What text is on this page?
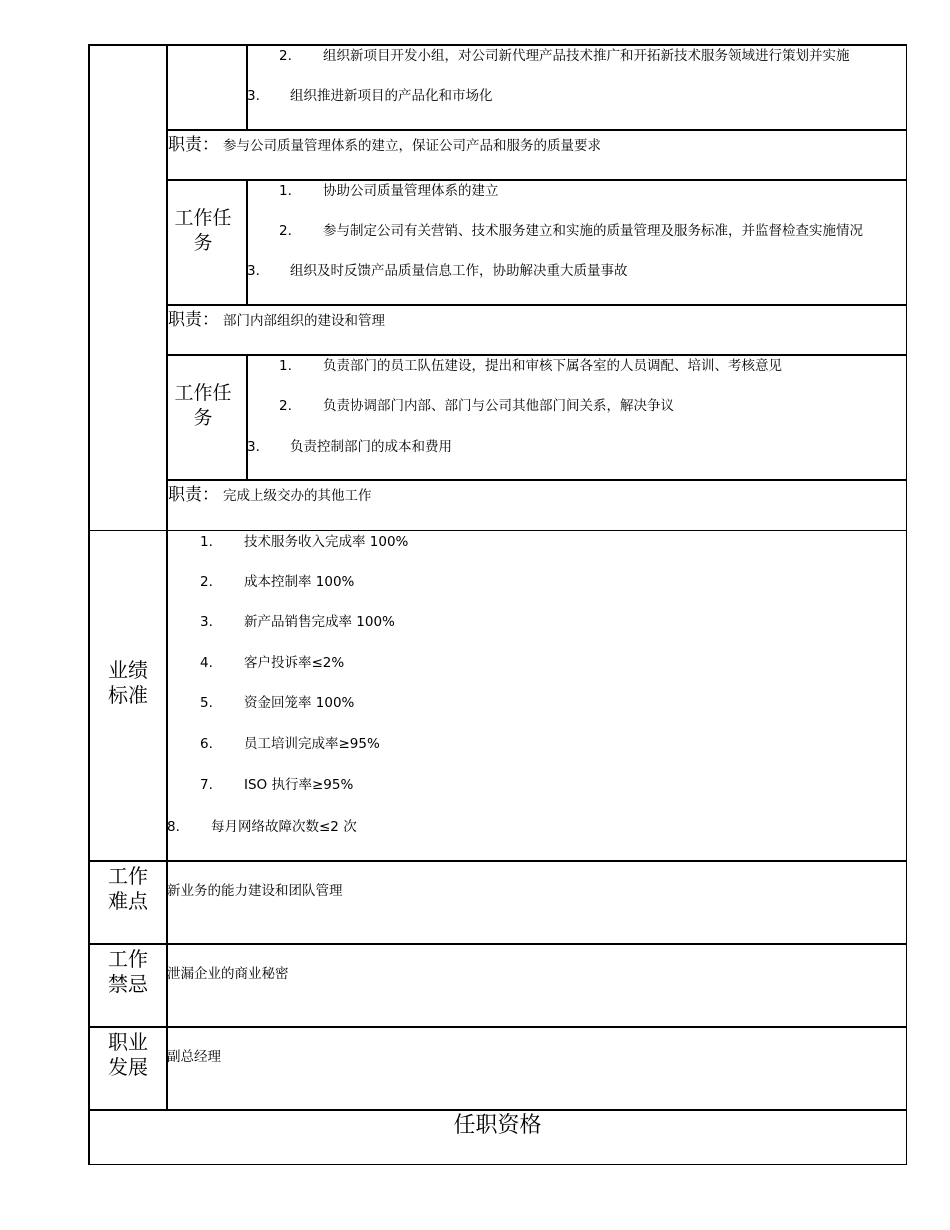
2. 组织新项目开发小组，对公司新代理产品技术推广和开拓新技术服务领域进行策划并实施
3. 组织推进新项目的产品化和市场化
职责： 参与公司质量管理体系的建立，保证公司产品和服务的质量要求
工作任务
1. 协助公司质量管理体系的建立
2. 参与制定公司有关营销、技术服务建立和实施的质量管理及服务标准，并监督检查实施情况
3. 组织及时反馈产品质量信息工作，协助解决重大质量事故
职责： 部门内部组织的建设和管理
工作任务
1. 负责部门的员工队伍建设，提出和审核下属各室的人员调配、培训、考核意见
2. 负责协调部门内部、部门与公司其他部门间关系，解决争议
3. 负责控制部门的成本和费用
职责： 完成上级交办的其他工作
业绩标准
1. 技术服务收入完成率 100%
2. 成本控制率 100%
3. 新产品销售完成率 100%
4. 客户投诉率≤2%
5. 资金回笼率 100%
6. 员工培训完成率≥95%
7. ISO 执行率≥95%
8. 每月网络故障次数≤2 次
工作难点	新业务的能力建设和团队管理
工作禁忌	泄漏企业的商业秘密
职业发展	副总经理
任职资格
